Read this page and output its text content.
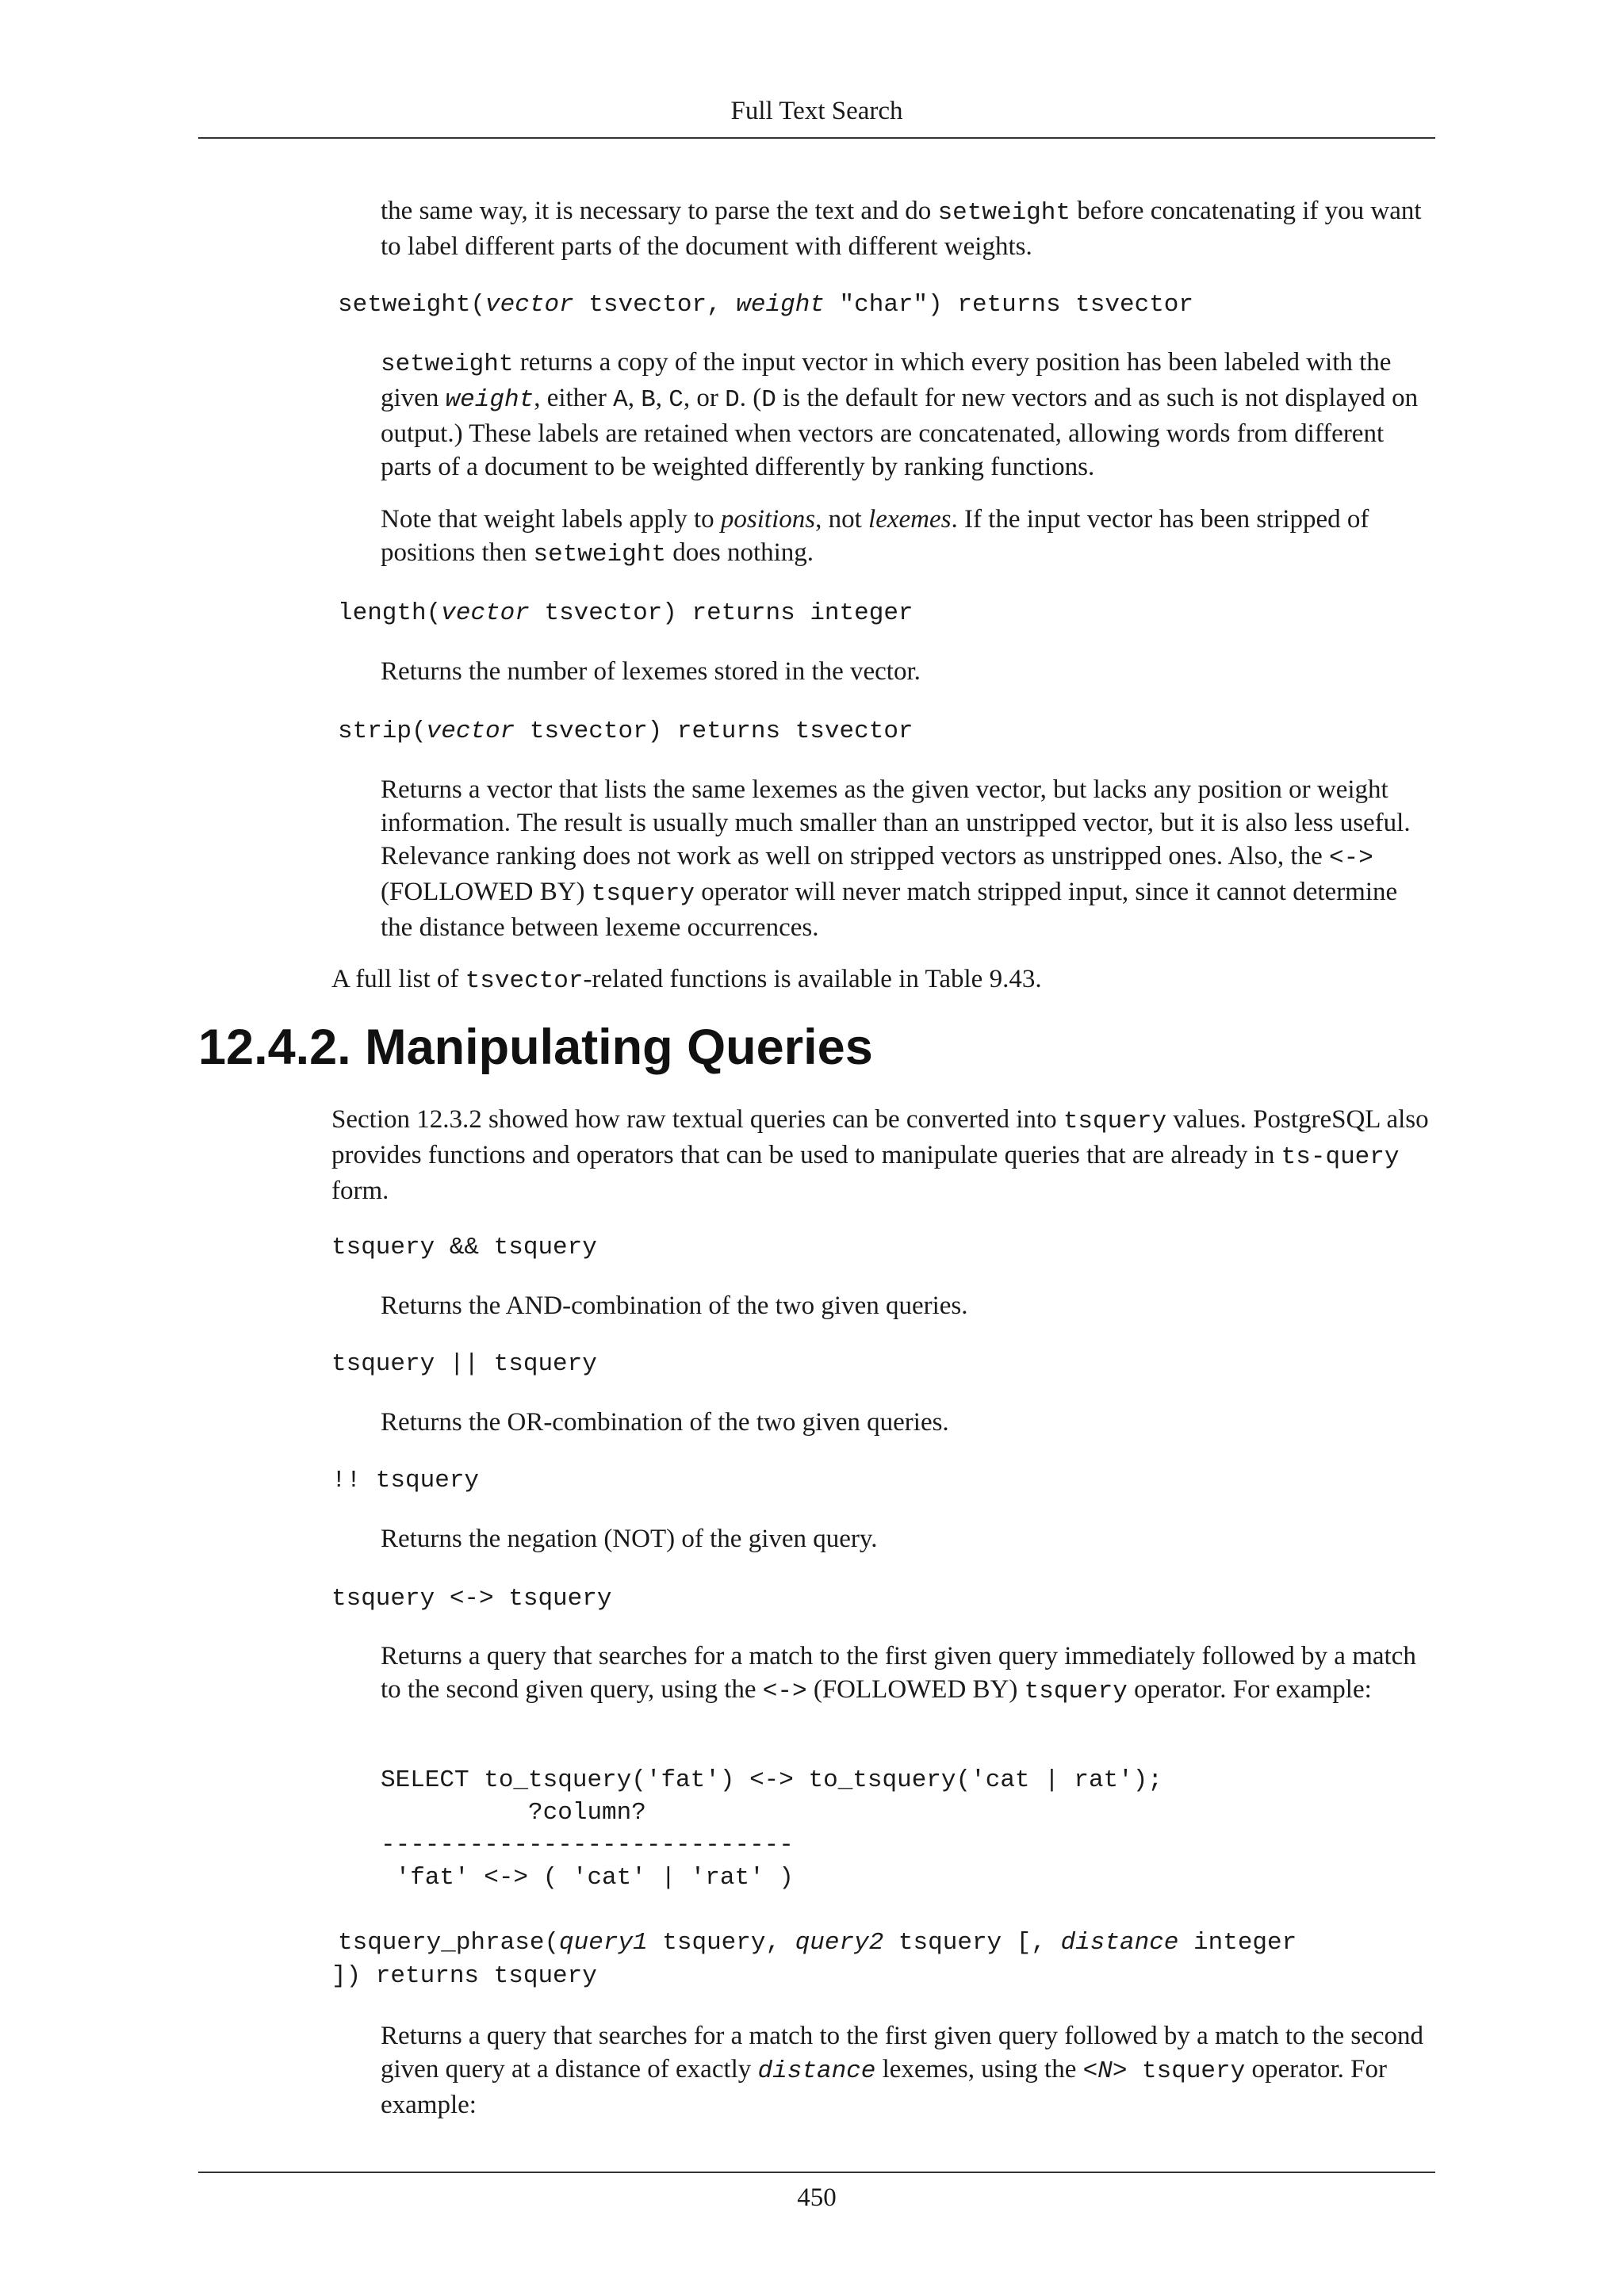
Full Text Search

the same way, it is necessary to parse the text and do setweight before concatenating if you want to label different parts of the document with different weights.

setweight(vector tsvector, weight "char") returns tsvector

setweight returns a copy of the input vector in which every position has been labeled with the given weight, either A, B, C, or D. (D is the default for new vectors and as such is not displayed on output.) These labels are retained when vectors are concatenated, allowing words from different parts of a document to be weighted differently by ranking functions.

Note that weight labels apply to positions, not lexemes. If the input vector has been stripped of positions then setweight does nothing.

length(vector tsvector) returns integer

Returns the number of lexemes stored in the vector.

strip(vector tsvector) returns tsvector

Returns a vector that lists the same lexemes as the given vector, but lacks any position or weight information. The result is usually much smaller than an unstripped vector, but it is also less useful. Relevance ranking does not work as well on stripped vectors as unstripped ones. Also, the <-> (FOLLOWED BY) tsquery operator will never match stripped input, since it cannot determine the distance between lexeme occurrences.

A full list of tsvector-related functions is available in Table 9.43.

12.4.2. Manipulating Queries

Section 12.3.2 showed how raw textual queries can be converted into tsquery values. PostgreSQL also provides functions and operators that can be used to manipulate queries that are already in ts-query form.

tsquery && tsquery

Returns the AND-combination of the two given queries.

tsquery || tsquery

Returns the OR-combination of the two given queries.

!! tsquery

Returns the negation (NOT) of the given query.

tsquery <-> tsquery

Returns a query that searches for a match to the first given query immediately followed by a match to the second given query, using the <-> (FOLLOWED BY) tsquery operator. For example:

SELECT to_tsquery('fat') <-> to_tsquery('cat | rat');
?column?
----------------------------
'fat' <-> ( 'cat' | 'rat' )
tsquery_phrase(query1 tsquery, query2 tsquery [, distance integer
]) returns tsquery

Returns a query that searches for a match to the first given query followed by a match to the second given query at a distance of exactly distance lexemes, using the <N> tsquery operator. For example:

450
